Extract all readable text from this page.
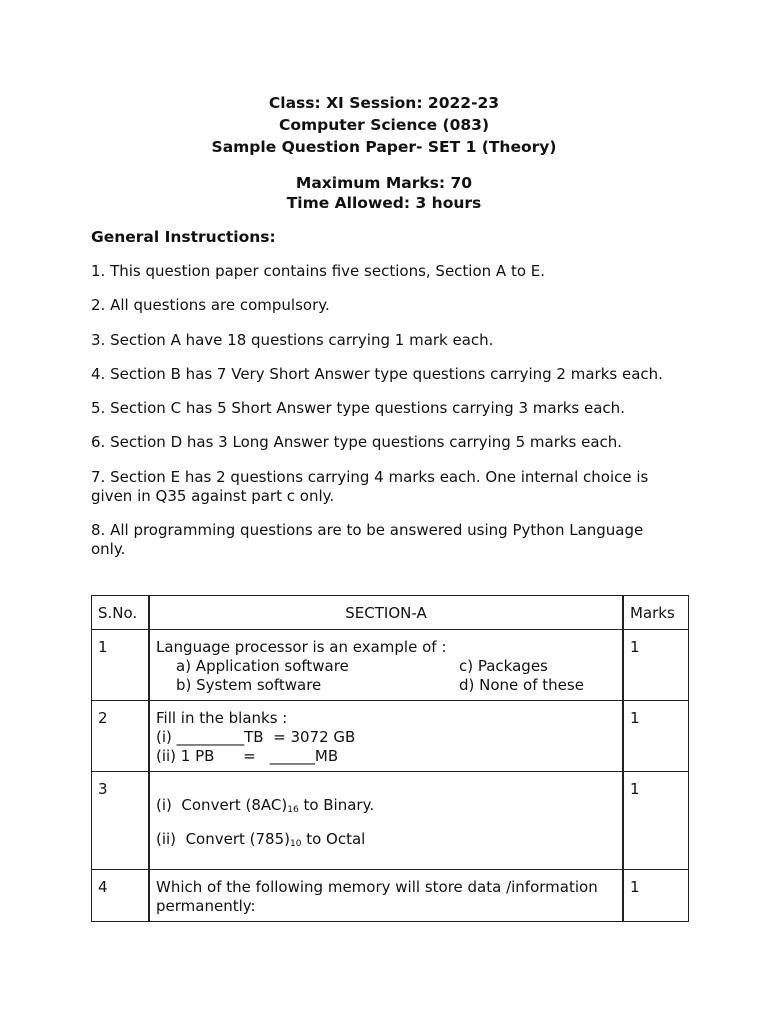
Class: XI Session: 2022-23
Computer Science (083)
Sample Question Paper- SET 1 (Theory)
Maximum Marks: 70
Time Allowed: 3 hours
General Instructions:
1. This question paper contains five sections, Section A to E.
2. All questions are compulsory.
3. Section A have 18 questions carrying 1 mark each.
4. Section B has 7 Very Short Answer type questions carrying 2 marks each.
5. Section C has 5 Short Answer type questions carrying 3 marks each.
6. Section D has 3 Long Answer type questions carrying 5 marks each.
7. Section E has 2 questions carrying 4 marks each. One internal choice is given in Q35 against part c only.
8. All programming questions are to be answered using Python Language only.
S.No.	SECTION-A	Marks
1	Language processor is an example of :
a) Application software c) Packages
b) System software d) None of these	1
2	Fill in the blanks :
(i) _________TB  = 3072 GB
(ii) 1 PB      =   ______MB	1
3	(i)  Convert $(8AC)_{16}$ to Binary.
(ii)  Convert $(785)_{10}$ to Octal	1
4	Which of the following memory will store data /information permanently:	1
